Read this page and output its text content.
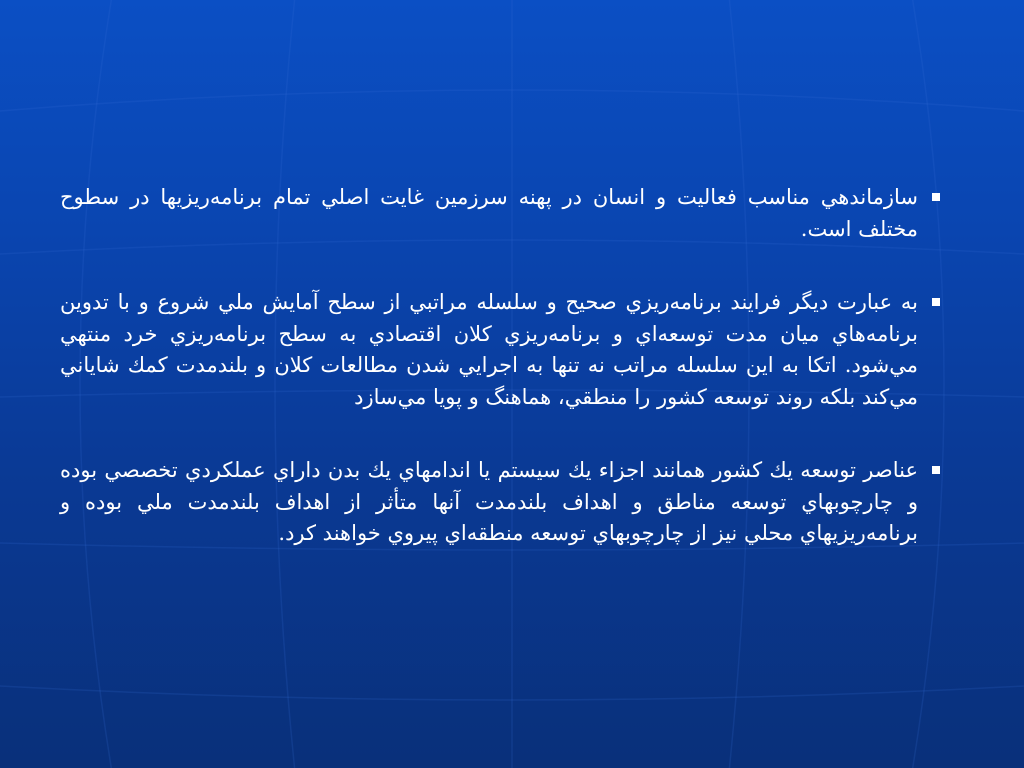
سازماندهي مناسب فعاليت و انسان در پهنه سرزمين غايت اصلي تمام برنامه‌ريزيها در سطوح مختلف است.
به عبارت ديگر فرايند برنامه‌ريزي صحيح و سلسله مراتبي از سطح آمايش ملي شروع و با تدوين برنامه‌هاي ميان مدت توسعه‌اي و برنامه‌ريزي كلان اقتصادي به سطح برنامه‌ريزي خرد منتهي مي‌شود. اتكا به اين سلسله مراتب نه تنها به اجرايي شدن مطالعات كلان و بلندمدت كمك شاياني مي‌كند بلكه روند توسعه كشور را منطقي، هماهنگ و پويا مي‌سازد
عناصر توسعه يك كشور همانند اجزاء يك سيستم يا اندامهاي يك بدن داراي عملكردي تخصصي بوده و چارچوبهاي توسعه مناطق و اهداف بلندمدت آنها متأثر از اهداف بلندمدت ملي بوده و برنامه‌ريزيهاي محلي نيز از چارچوبهاي توسعه منطقه‌اي پيروي خواهند كرد.
